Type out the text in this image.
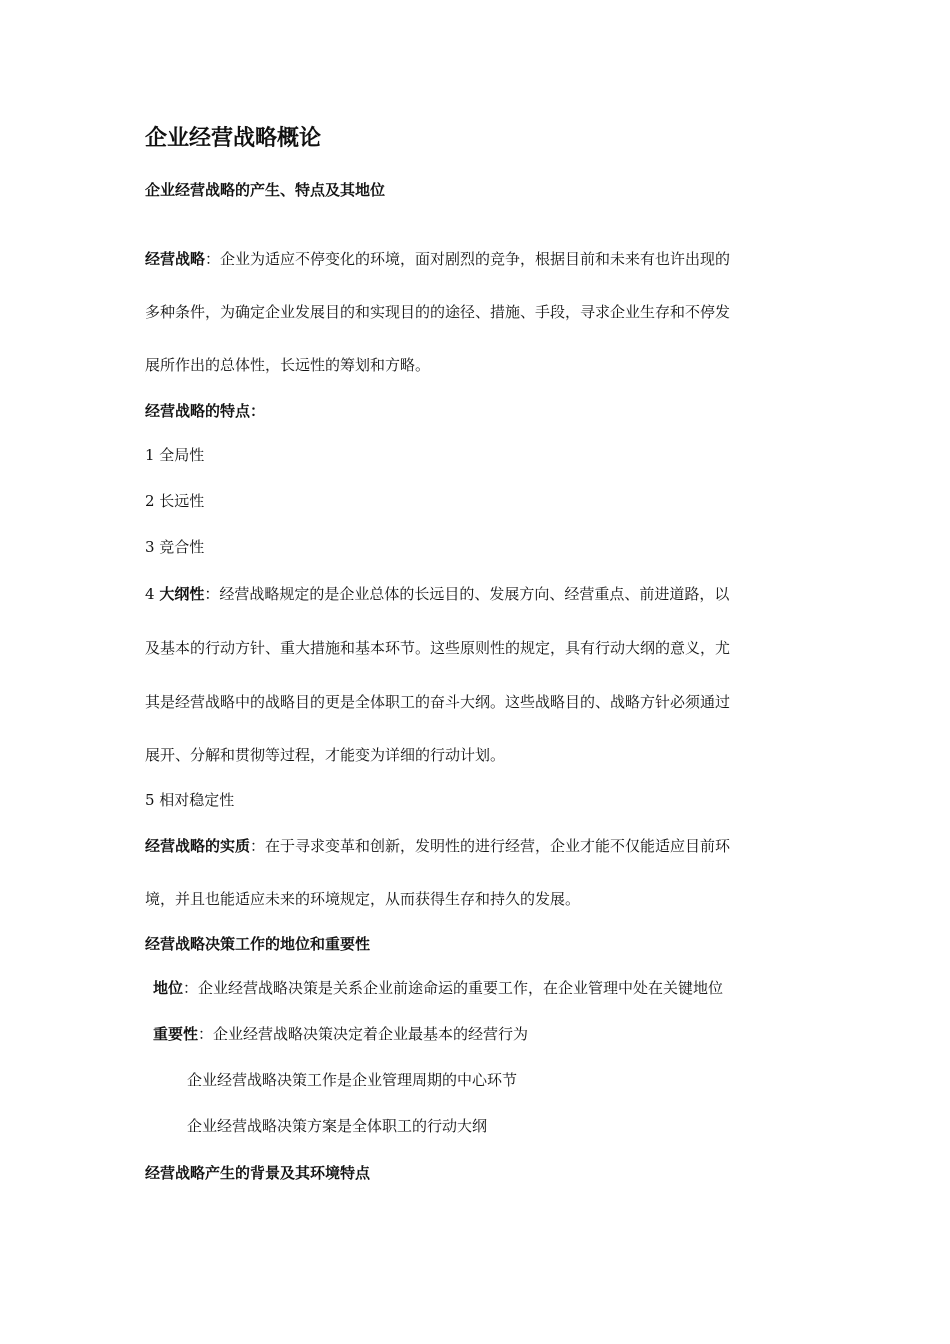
企业经营战略概论
企业经营战略的产生、特点及其地位
经营战略：企业为适应不停变化的环境，面对剧烈的竞争，根据目前和未来有也许出现的
多种条件，为确定企业发展目的和实现目的的途径、措施、手段，寻求企业生存和不停发
展所作出的总体性，长远性的筹划和方略。
经营战略的特点：
1 全局性
2 长远性
3 竞合性
4 大纲性：经营战略规定的是企业总体的长远目的、发展方向、经营重点、前进道路，以
及基本的行动方针、重大措施和基本环节。这些原则性的规定，具有行动大纲的意义，尤
其是经营战略中的战略目的更是全体职工的奋斗大纲。这些战略目的、战略方针必须通过
展开、分解和贯彻等过程，才能变为详细的行动计划。
5 相对稳定性
经营战略的实质：在于寻求变革和创新，发明性的进行经营，企业才能不仅能适应目前环
境，并且也能适应未来的环境规定，从而获得生存和持久的发展。
经营战略决策工作的地位和重要性
地位：企业经营战略决策是关系企业前途命运的重要工作，在企业管理中处在关键地位
重要性：企业经营战略决策决定着企业最基本的经营行为
企业经营战略决策工作是企业管理周期的中心环节
企业经营战略决策方案是全体职工的行动大纲
经营战略产生的背景及其环境特点
